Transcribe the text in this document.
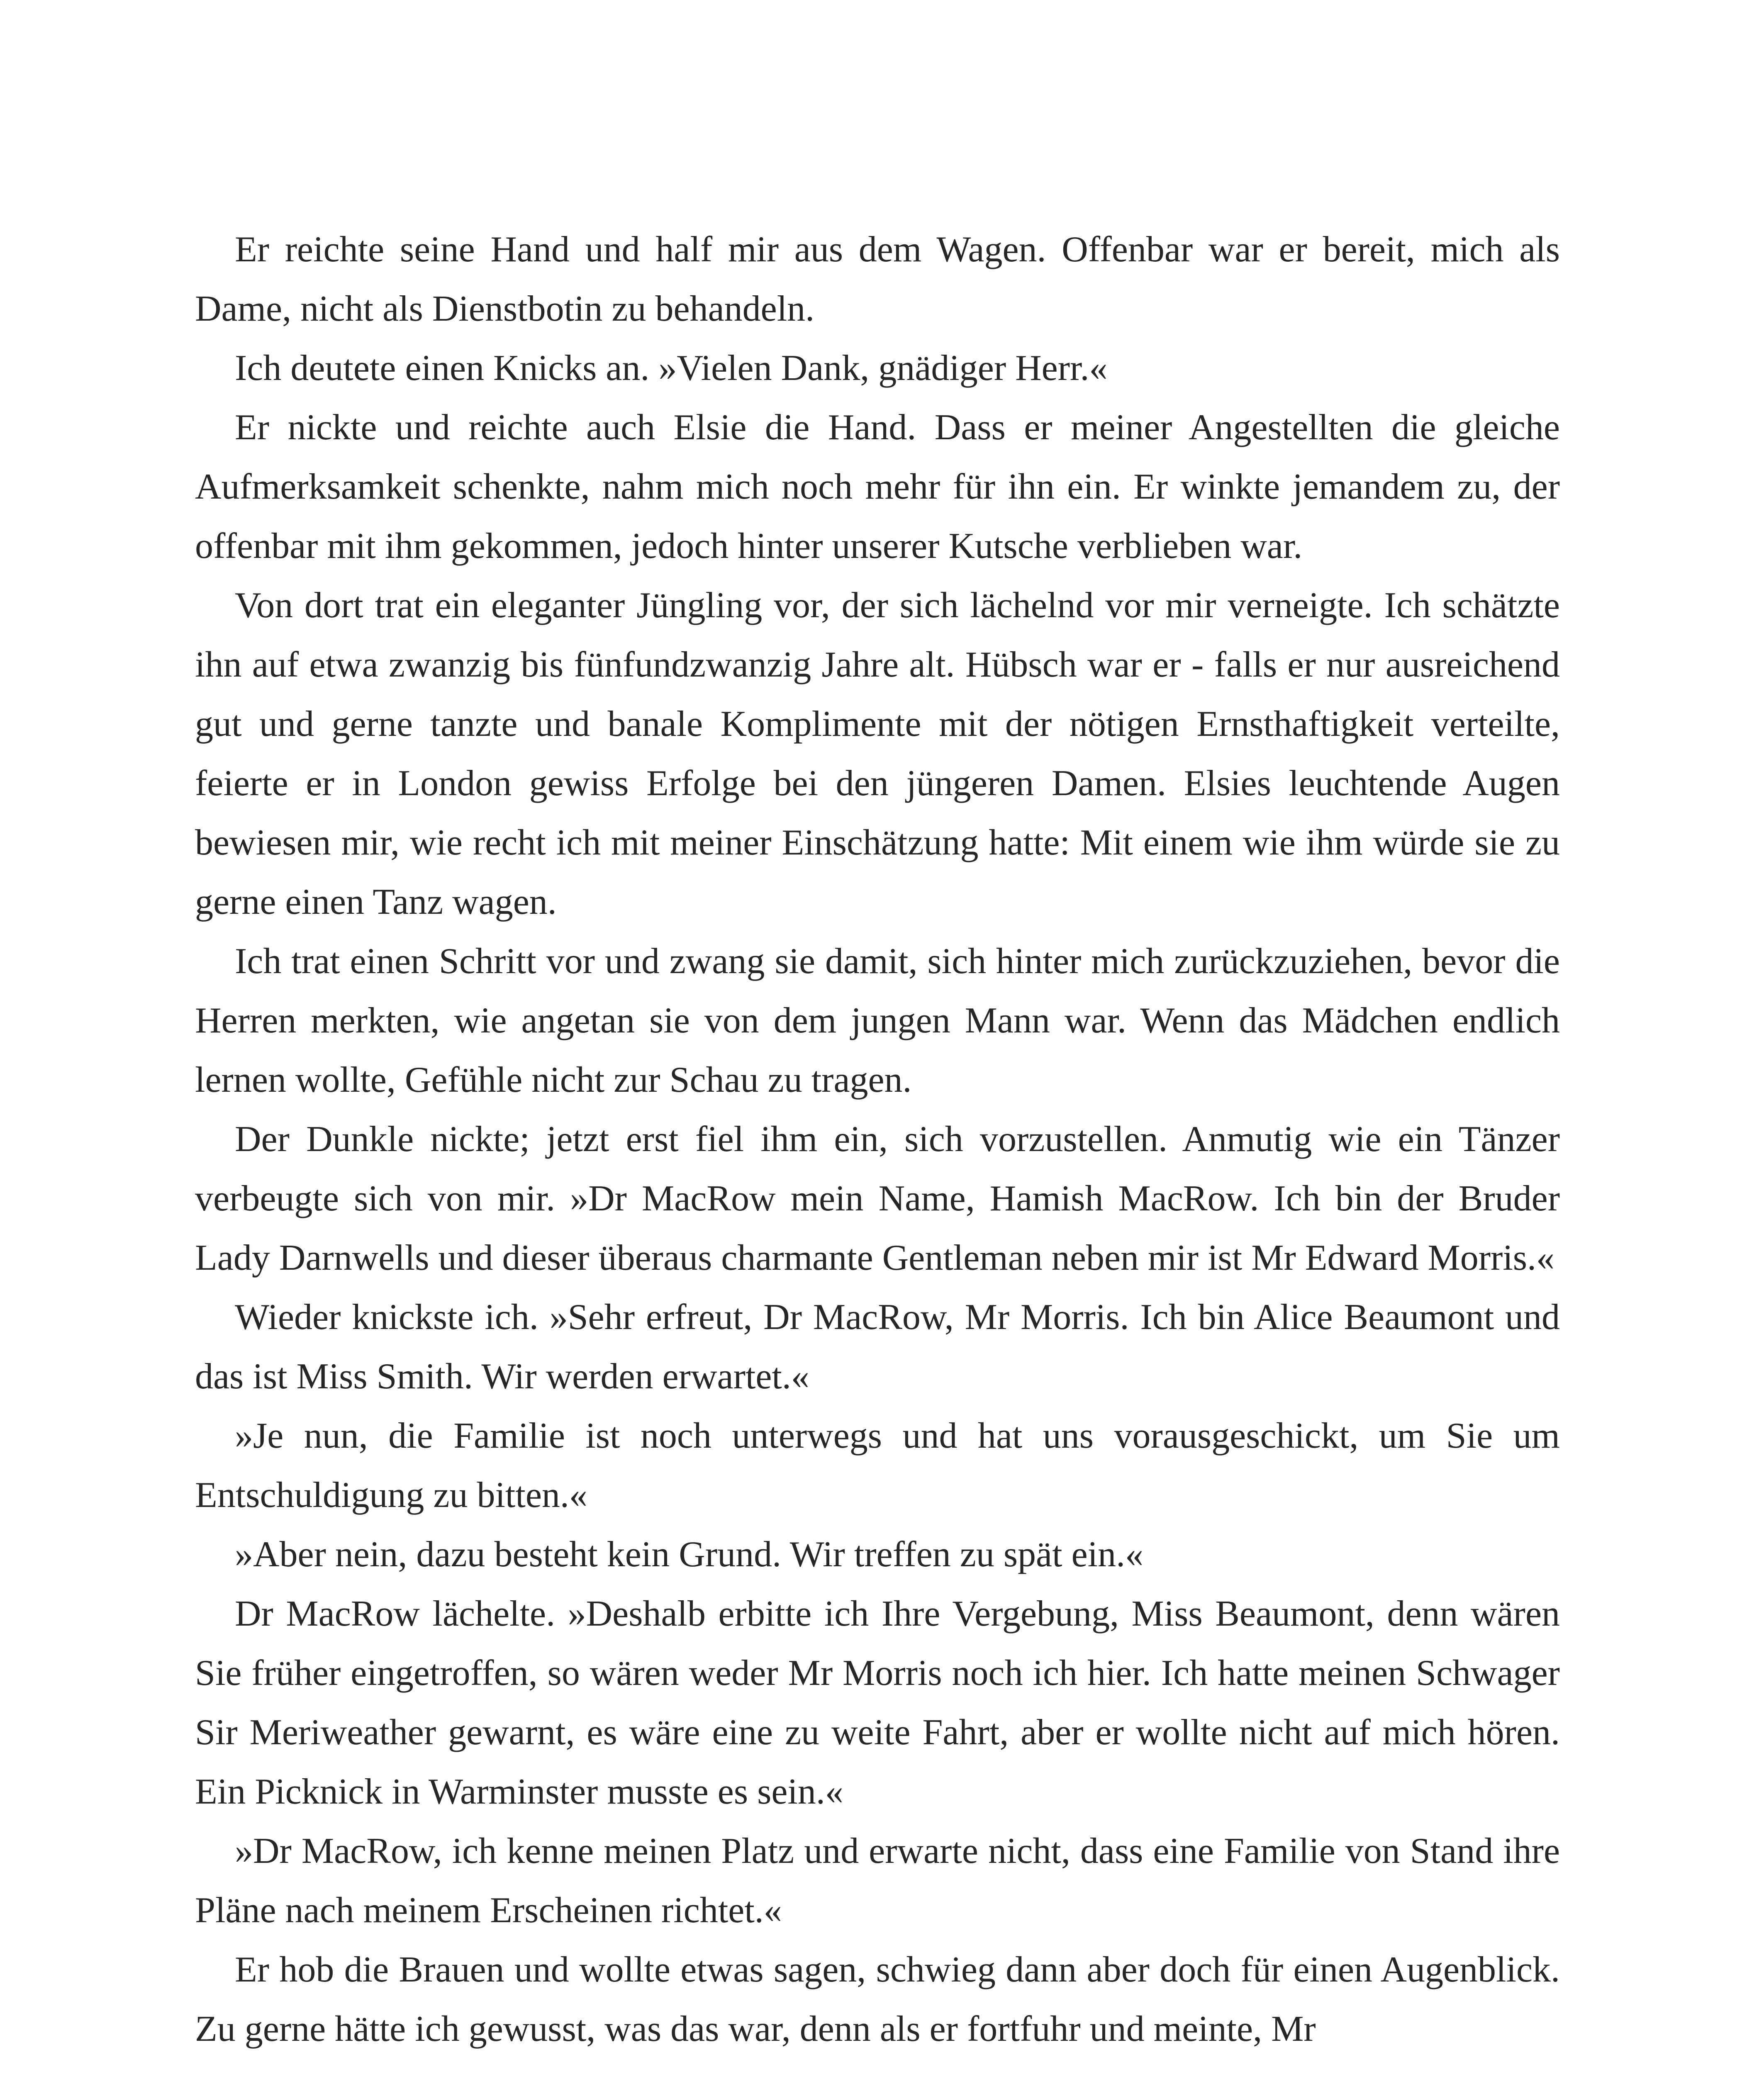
Er reichte seine Hand und half mir aus dem Wagen. Offenbar war er bereit, mich als Dame, nicht als Dienstbotin zu behandeln.

Ich deutete einen Knicks an. »Vielen Dank, gnädiger Herr.«

Er nickte und reichte auch Elsie die Hand. Dass er meiner Angestellten die gleiche Aufmerksamkeit schenkte, nahm mich noch mehr für ihn ein. Er winkte jemandem zu, der offenbar mit ihm gekommen, jedoch hinter unserer Kutsche verblieben war.

Von dort trat ein eleganter Jüngling vor, der sich lächelnd vor mir verneigte. Ich schätzte ihn auf etwa zwanzig bis fünfundzwanzig Jahre alt. Hübsch war er - falls er nur ausreichend gut und gerne tanzte und banale Komplimente mit der nötigen Ernsthaftigkeit verteilte, feierte er in London gewiss Erfolge bei den jüngeren Damen. Elsies leuchtende Augen bewiesen mir, wie recht ich mit meiner Einschätzung hatte: Mit einem wie ihm würde sie zu gerne einen Tanz wagen.

Ich trat einen Schritt vor und zwang sie damit, sich hinter mich zurückzuziehen, bevor die Herren merkten, wie angetan sie von dem jungen Mann war. Wenn das Mädchen endlich lernen wollte, Gefühle nicht zur Schau zu tragen.

Der Dunkle nickte; jetzt erst fiel ihm ein, sich vorzustellen. Anmutig wie ein Tänzer verbeugte sich von mir. »Dr MacRow mein Name, Hamish MacRow. Ich bin der Bruder Lady Darnwells und dieser überaus charmante Gentleman neben mir ist Mr Edward Morris.«

Wieder knickste ich. »Sehr erfreut, Dr MacRow, Mr Morris. Ich bin Alice Beaumont und das ist Miss Smith. Wir werden erwartet.«

»Je nun, die Familie ist noch unterwegs und hat uns vorausgeschickt, um Sie um Entschuldigung zu bitten.«

»Aber nein, dazu besteht kein Grund. Wir treffen zu spät ein.«

Dr MacRow lächelte. »Deshalb erbitte ich Ihre Vergebung, Miss Beaumont, denn wären Sie früher eingetroffen, so wären weder Mr Morris noch ich hier. Ich hatte meinen Schwager Sir Meriweather gewarnt, es wäre eine zu weite Fahrt, aber er wollte nicht auf mich hören. Ein Picknick in Warminster musste es sein.«

»Dr MacRow, ich kenne meinen Platz und erwarte nicht, dass eine Familie von Stand ihre Pläne nach meinem Erscheinen richtet.«

Er hob die Brauen und wollte etwas sagen, schwieg dann aber doch für einen Augenblick. Zu gerne hätte ich gewusst, was das war, denn als er fortfuhr und meinte, Mr
